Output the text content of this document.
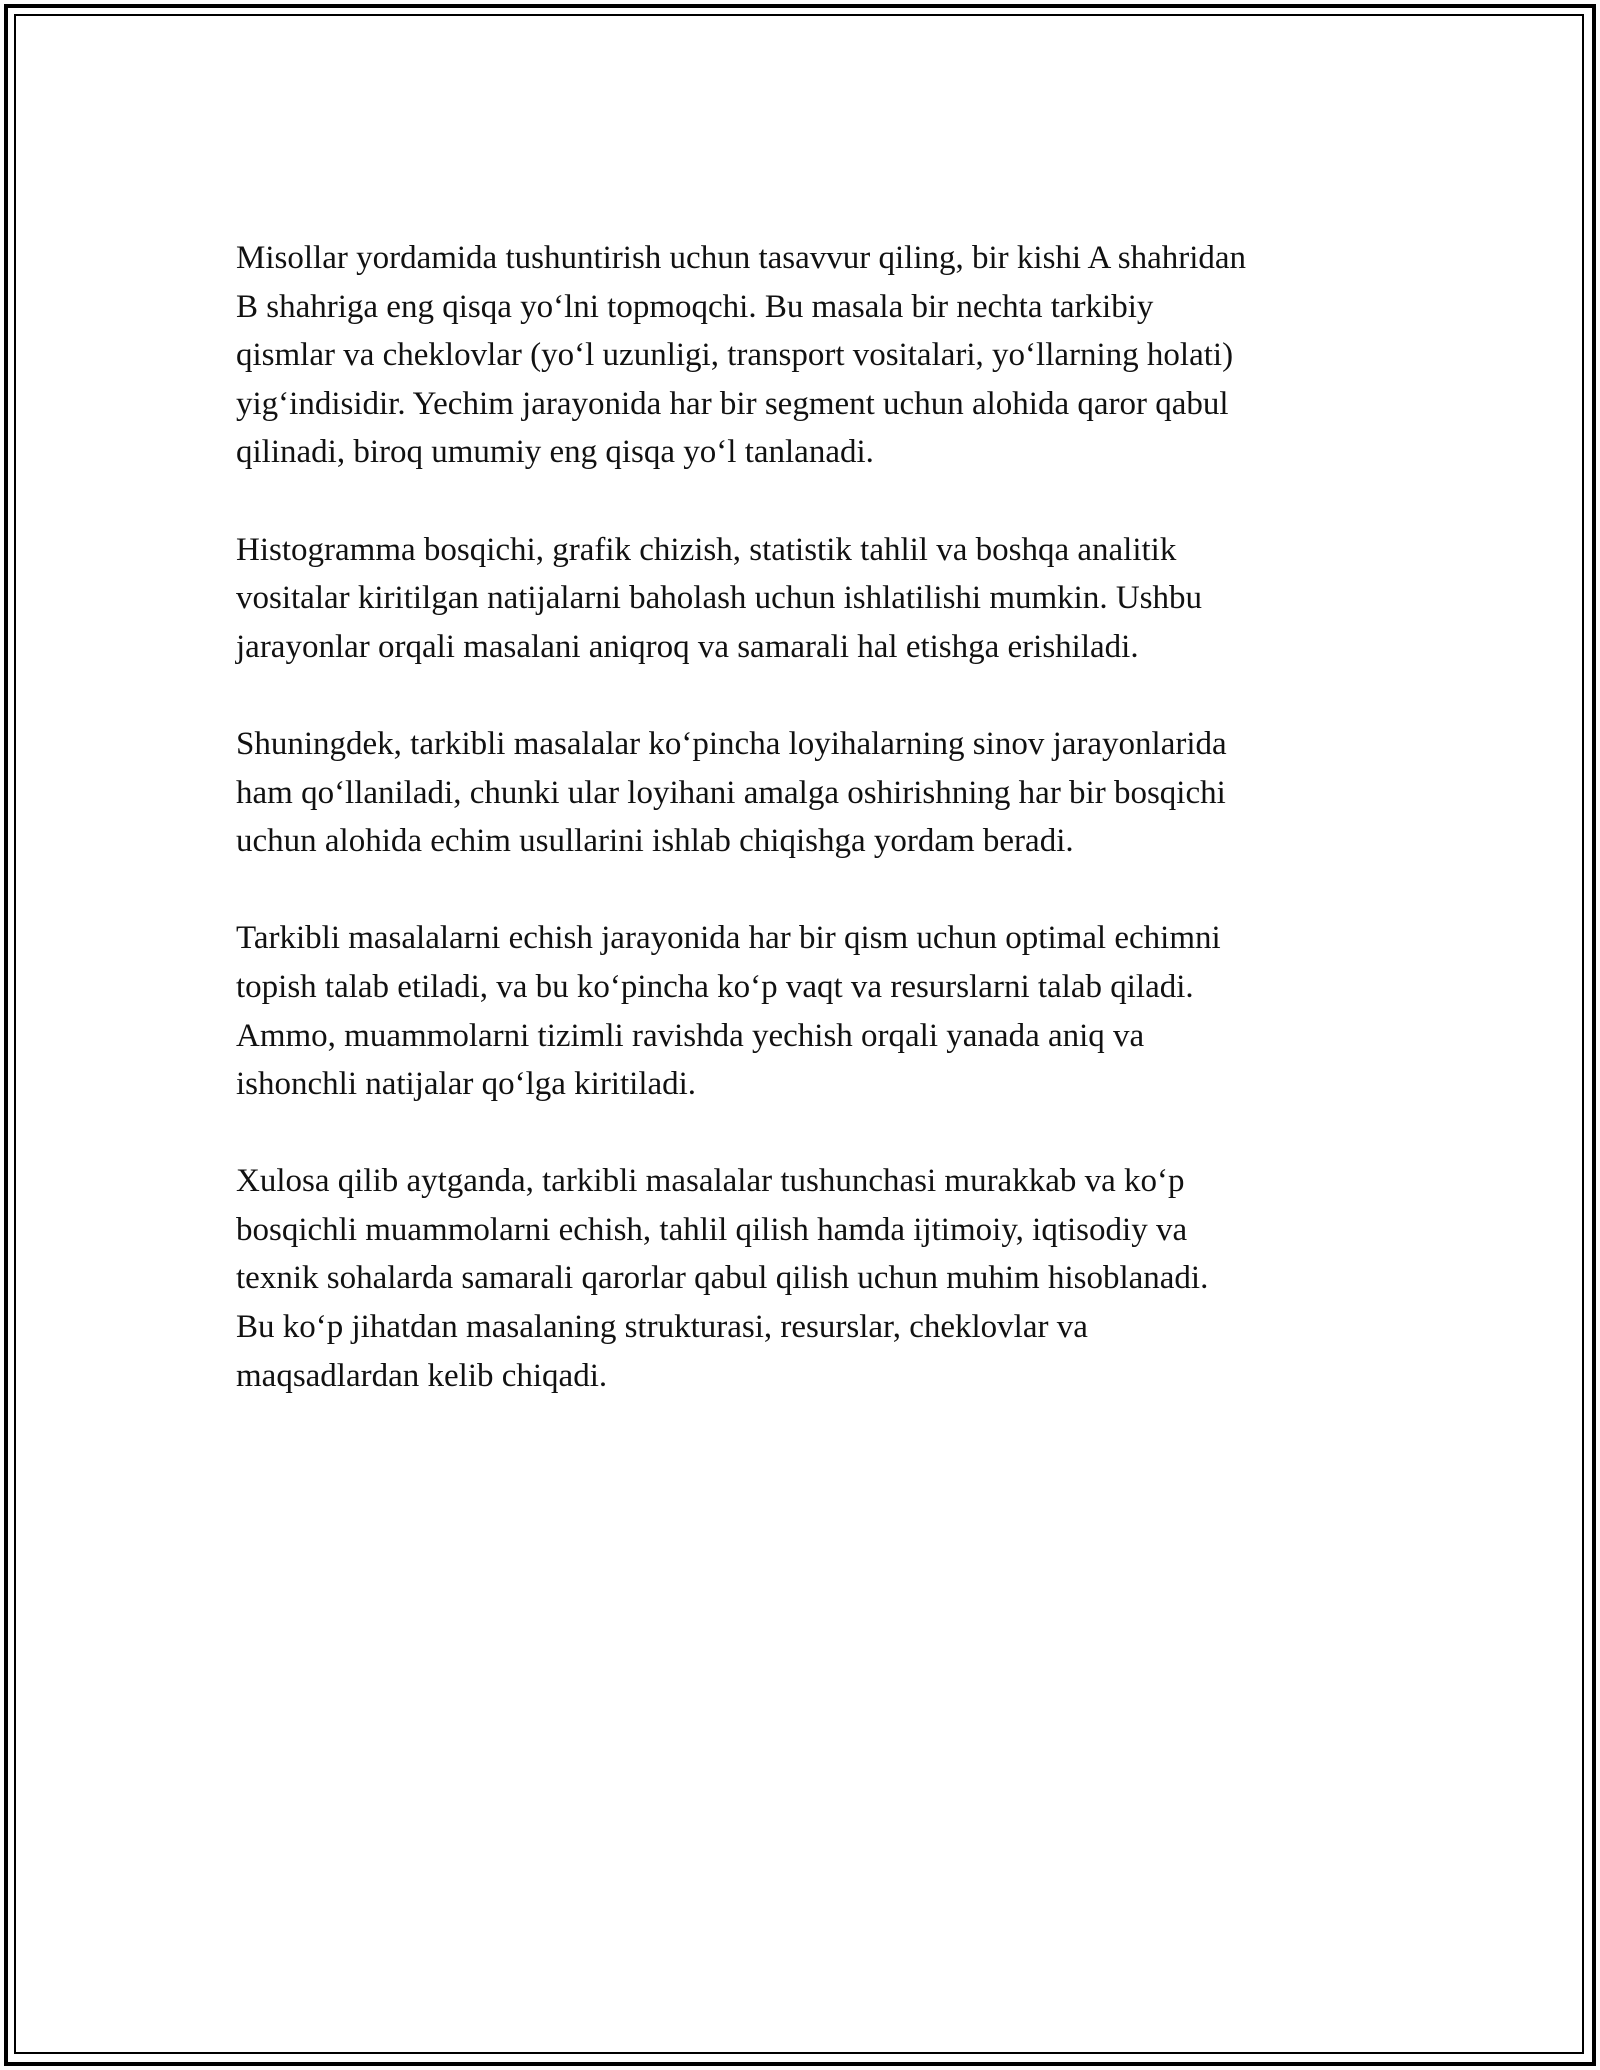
Misollar yordamida tushuntirish uchun tasavvur qiling, bir kishi A shahridan
B shahriga eng qisqa yo‘lni topmoqchi. Bu masala bir nechta tarkibiy
qismlar va cheklovlar (yo‘l uzunligi, transport vositalari, yo‘llarning holati)
yig‘indisidir. Yechim jarayonida har bir segment uchun alohida qaror qabul
qilinadi, biroq umumiy eng qisqa yo‘l tanlanadi.

Histogramma bosqichi, grafik chizish, statistik tahlil va boshqa analitik
vositalar kiritilgan natijalarni baholash uchun ishlatilishi mumkin. Ushbu
jarayonlar orqali masalani aniqroq va samarali hal etishga erishiladi.

Shuningdek, tarkibli masalalar ko‘pincha loyihalarning sinov jarayonlarida
ham qo‘llaniladi, chunki ular loyihani amalga oshirishning har bir bosqichi
uchun alohida echim usullarini ishlab chiqishga yordam beradi.

Tarkibli masalalarni echish jarayonida har bir qism uchun optimal echimni
topish talab etiladi, va bu ko‘pincha ko‘p vaqt va resurslarni talab qiladi.
Ammo, muammolarni tizimli ravishda yechish orqali yanada aniq va
ishonchli natijalar qo‘lga kiritiladi.

Xulosa qilib aytganda, tarkibli masalalar tushunchasi murakkab va ko‘p
bosqichli muammolarni echish, tahlil qilish hamda ijtimoiy, iqtisodiy va
texnik sohalarda samarali qarorlar qabul qilish uchun muhim hisoblanadi.
Bu ko‘p jihatdan masalaning strukturasi, resurslar, cheklovlar va
maqsadlardan kelib chiqadi.
